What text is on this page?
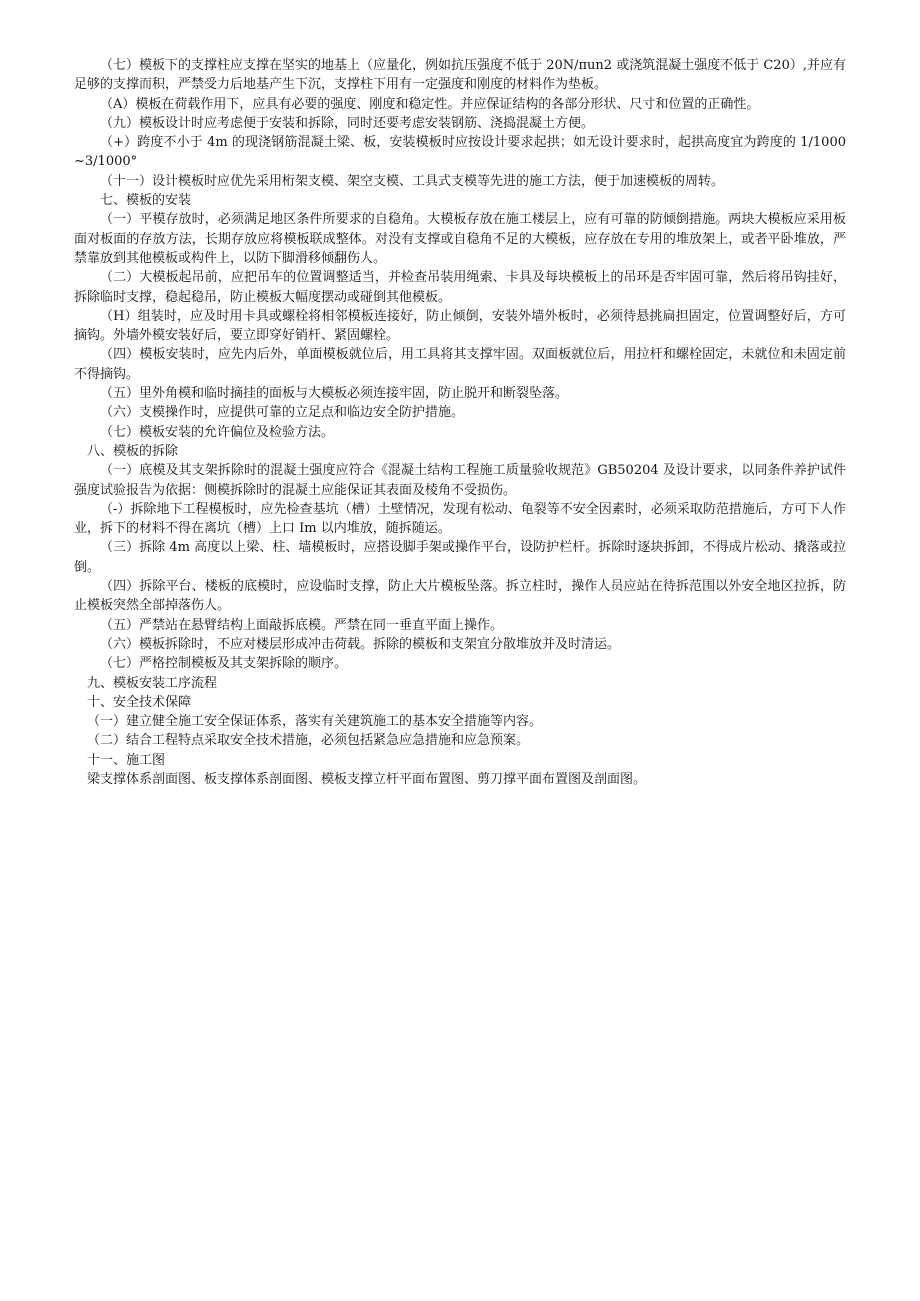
（七）模板下的支撑柱应支撑在坚实的地基上（应量化，例如抗压强度不低于 20N/πun2 或浇筑混凝土强度不低于 C20）,并应有足够的支撑而积，严禁受力后地基产生下沉，支撑柱下用有一定强度和刚度的材料作为垫板。

（A）模板在荷载作用下，应具有必要的强度、刚度和稳定性。并应保证结构的各部分形状、尺寸和位置的正确性。

（九）模板设计时应考虑便于安装和拆除，同时还要考虑安装钢筋、浇捣混凝土方便。

（+）跨度不小于 4m 的现浇钢筋混凝土梁、板，安装模板时应按设计要求起拱；如无设计要求时，起拱高度宜为跨度的 1∕1000~3∕1000°

（十一）设计模板时应优先采用桁架支模、架空支模、工具式支模等先进的施工方法，便于加速模板的周转。

七、模板的安装

（一）平模存放时，必须满足地区条件所要求的自稳角。大模板存放在施工楼层上，应有可靠的防倾倒措施。两块大模板应采用板面对板面的存放方法，长期存放应将模板联成整体。对没有支撑或自稳角不足的大模板，应存放在专用的堆放架上，或者平卧堆放，严禁靠放到其他模板或构件上，以防下脚滑移倾翻伤人。

（二）大模板起吊前，应把吊车的位置调整适当，并检查吊装用绳索、卡具及每块模板上的吊环是否牢固可靠，然后将吊钩挂好，拆除临时支撑，稳起稳吊，防止模板大幅度摆动或碰倒其他模板。

（H）组装时，应及时用卡具或螺栓将相邻模板连接好，防止倾倒，安装外墙外板时，必须待悬挑扁担固定，位置调整好后，方可摘钩。外墙外模安装好后，要立即穿好销杆、紧固螺栓。

（四）模板安装时，应先内后外，单面模板就位后，用工具将其支撑牢固。双面板就位后，用拉杆和螺栓固定，未就位和未固定前不得摘钩。

（五）里外角模和临时摘挂的面板与大模板必须连接牢固，防止脱开和断裂坠落。

（六）支模操作时，应提供可靠的立足点和临边安全防护措施。

（七）模板安装的允许偏位及检验方法。

八、模板的拆除

（一）底模及其支架拆除时的混凝土强度应符合《混凝土结构工程施工质量验收规范》GB50204 及设计要求，以同条件养护试件强度试验报告为依据：侧模拆除时的混凝土应能保证其表面及棱角不受损伤。

（-）拆除地下工程模板时，应先检查基坑（槽）土壁情况，发现有松动、龟裂等不安全因素时，必须采取防范措施后，方可下人作业，拆下的材料不得在离坑（槽）上口 Im 以内堆放，随拆随运。

（三）拆除 4m 高度以上梁、柱、墙模板时，应搭设脚手架或操作平台，设防护栏杆。拆除时逐块拆卸，不得成片松动、撬落或拉倒。

（四）拆除平台、楼板的底模时，应设临时支撑，防止大片模板坠落。拆立柱时，操作人员应站在待拆范围以外安全地区拉拆，防止模板突然全部掉落伤人。

（五）严禁站在悬臂结构上面敲拆底模。严禁在同一垂直平面上操作。

（六）模板拆除时，不应对楼层形成冲击荷载。拆除的模板和支架宜分散堆放并及时清运。

（七）严格控制模板及其支架拆除的顺序。

九、模板安装工序流程

十、安全技术保障

（一）建立健全施工安全保证体系，落实有关建筑施工的基本安全措施等内容。

（二）结合工程特点采取安全技术措施，必须包括紧急应急措施和应急预案。

十一、施工图

梁支撑体系剖面图、板支撑体系剖面图、模板支撑立杆平面布置图、剪刀撑平面布置图及剖面图。
